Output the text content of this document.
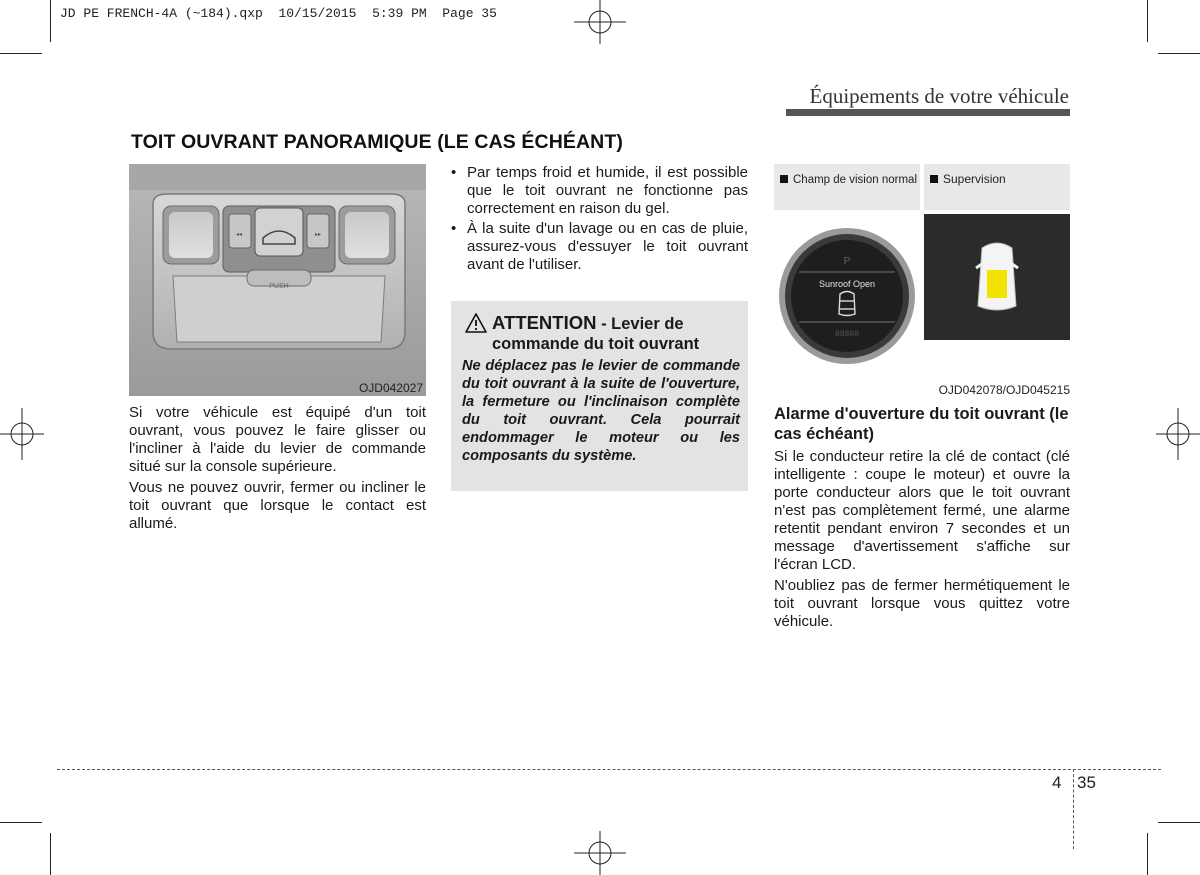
JD PE FRENCH-4A (~184).qxp 10/15/2015 5:39 PM Page 35
Équipements de votre véhicule
TOIT OUVRANT PANORAMIQUE (LE CAS ÉCHÉANT)
◂◂	▸▸
PUSH
OJD042027

Si votre véhicule est équipé d'un toit ouvrant, vous pouvez le faire glisser ou l'incliner à l'aide du levier de commande situé sur la console supérieure.

Vous ne pouvez ouvrir, fermer ou incliner le toit ouvrant que lorsque le contact est allumé.

• Par temps froid et humide, il est possible que le toit ouvrant ne fonctionne pas correctement en raison du gel.
• À la suite d'un lavage ou en cas de pluie, assurez-vous d'essuyer le toit ouvrant avant de l'utiliser.
ATTENTION - Levier de
commande du toit ouvrant
Ne déplacez pas le levier de commande du toit ouvrant à la suite de l'ouverture, la fermeture ou l'inclinaison complète du toit ouvrant. Cela pourrait endommager le moteur ou les composants du système.
Champ de vision normal	Supervision
P
Sunroof Open
88888
OJD042078/OJD045215
Alarme d'ouverture du toit ouvrant (le cas échéant)

Si le conducteur retire la clé de contact (clé intelligente : coupe le moteur) et ouvre la porte conducteur alors que le toit ouvrant n'est pas complètement fermé, une alarme retentit pendant environ 7 secondes et un message d'avertissement s'affiche sur l'écran LCD.

N'oubliez pas de fermer hermétiquement le toit ouvrant lorsque vous quittez votre véhicule.

4 35
